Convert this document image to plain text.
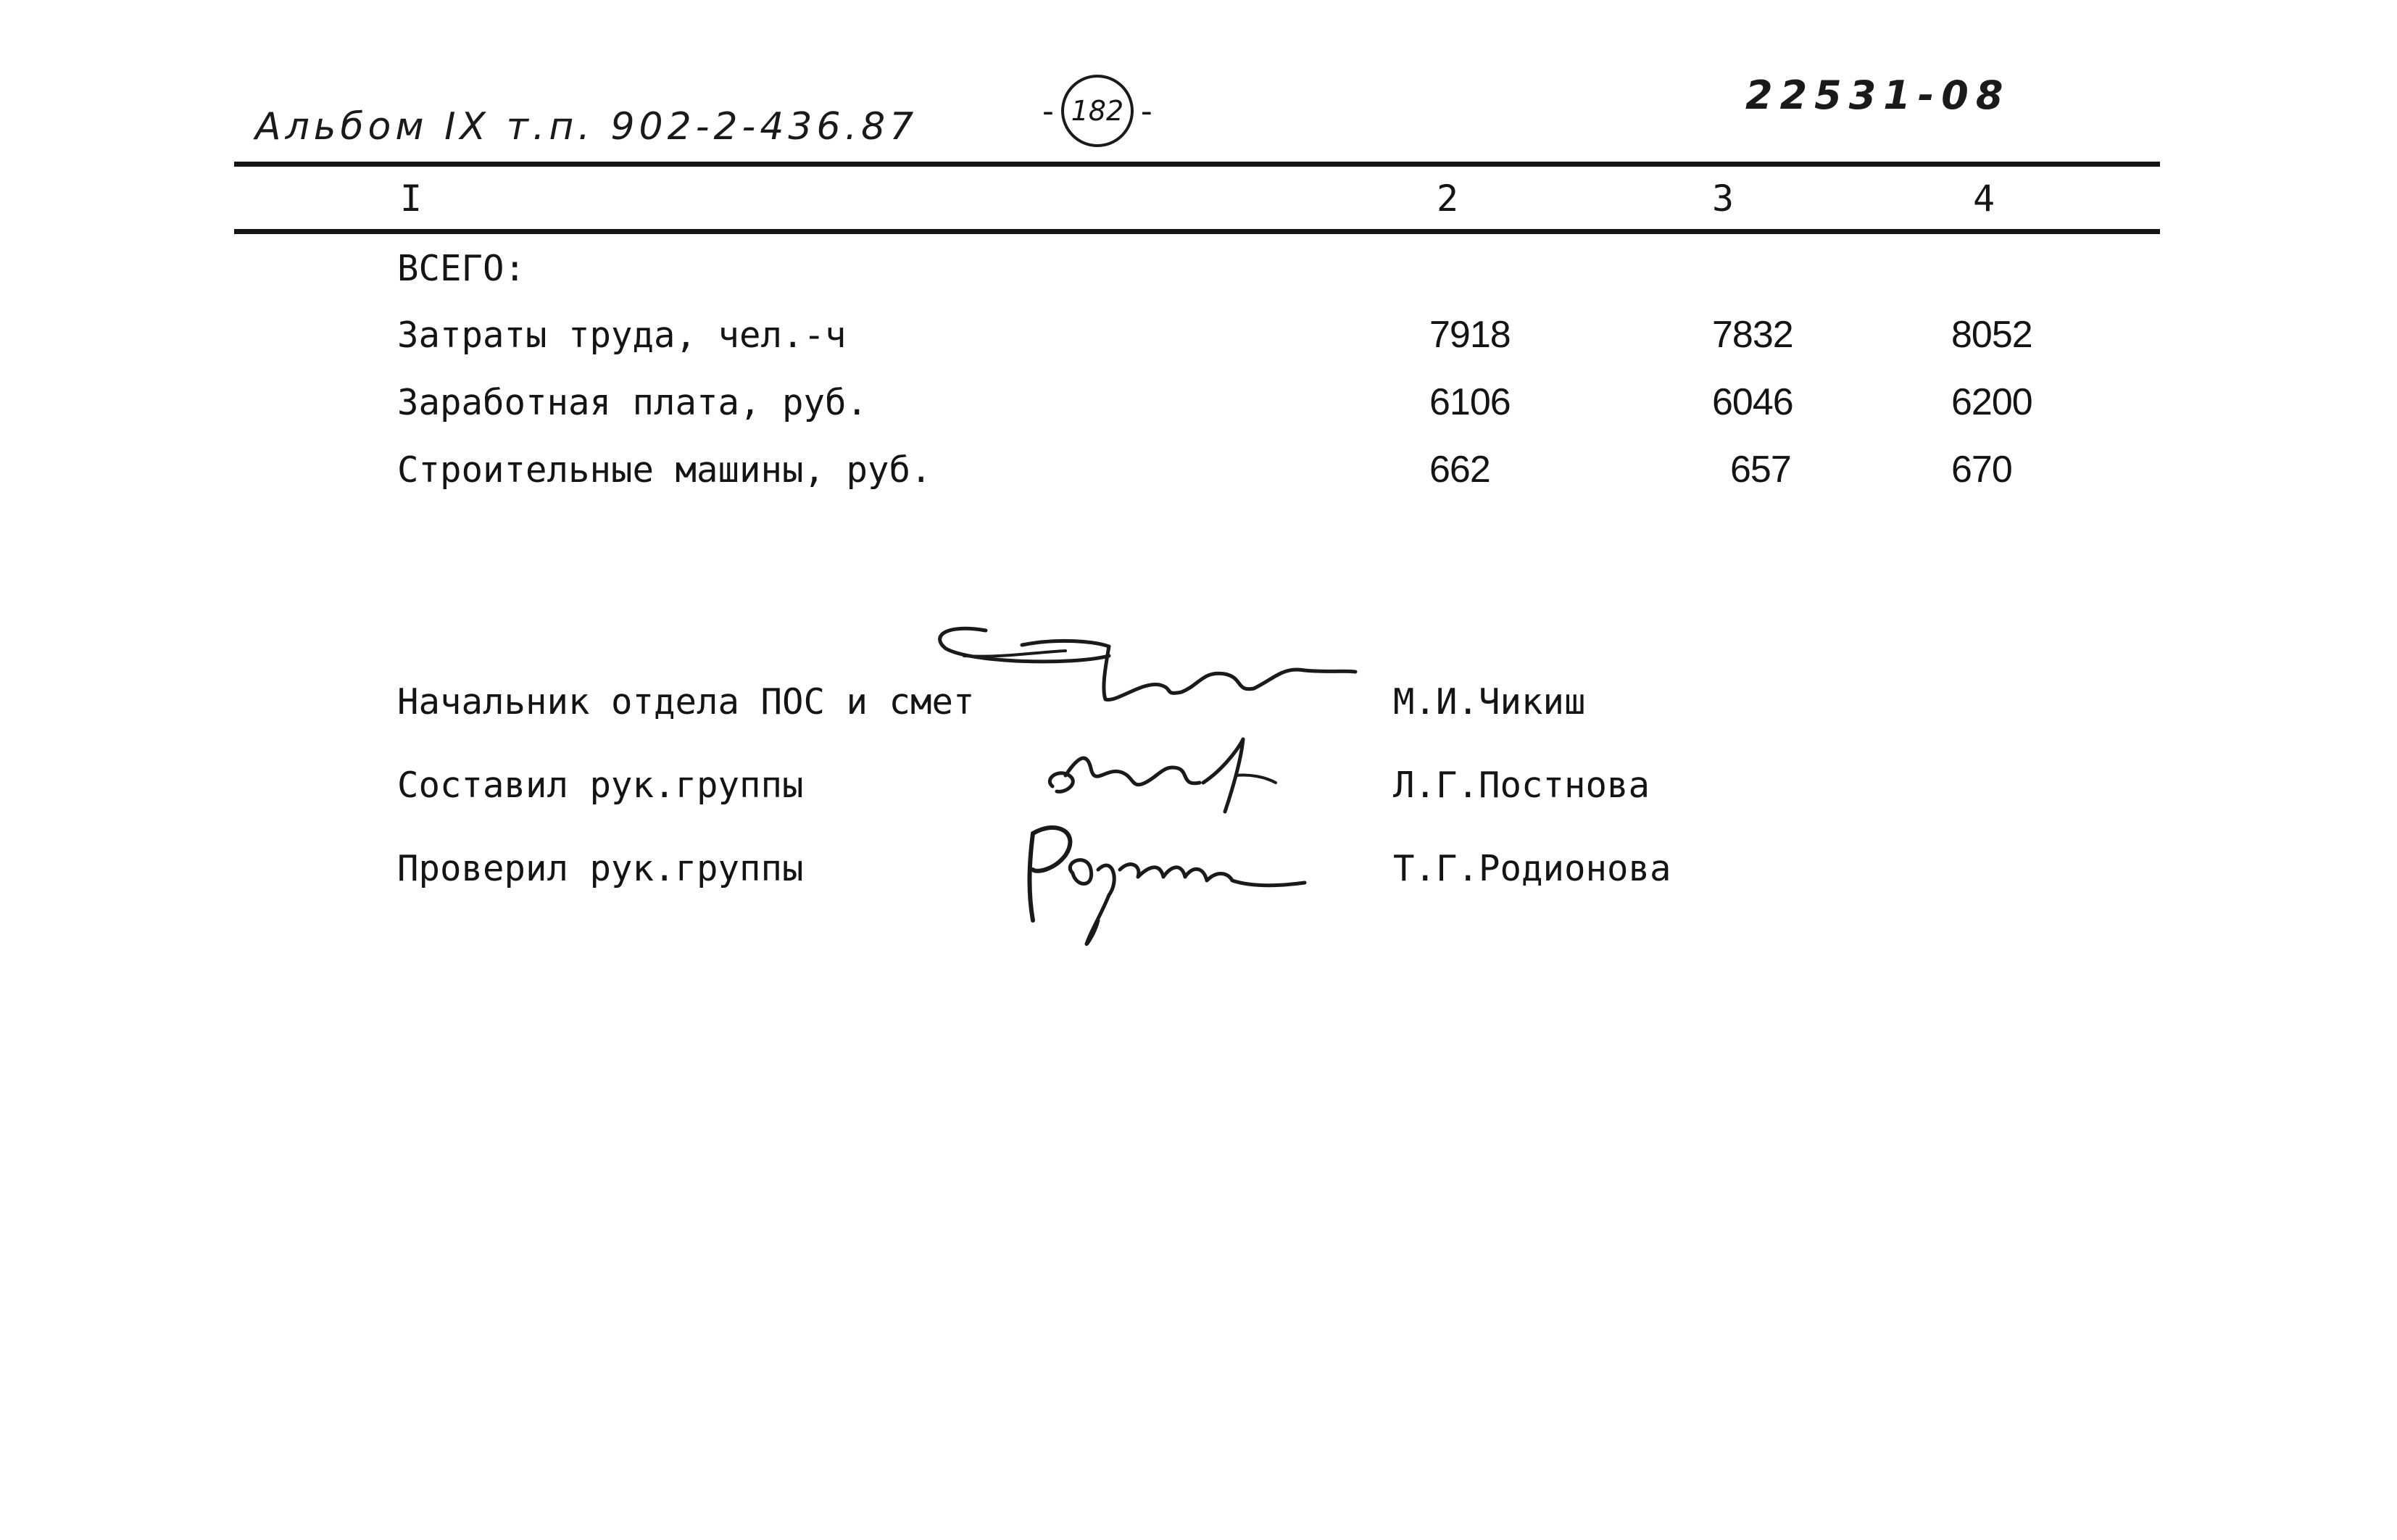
Альбом IX т.п. 902-2-436.87	- 182 -	22531-08
I	2	3	4
ВСЕГО:
Затраты труда, чел.-ч	7918	7832	8052
Заработная плата, руб.	6106	6046	6200
Строительные машины, руб.	662	657	670
Начальник отдела ПОС и смет	М.И.Чикиш
Составил рук.группы	Л.Г.Постнова
Проверил рук.группы	Т.Г.Родионова
